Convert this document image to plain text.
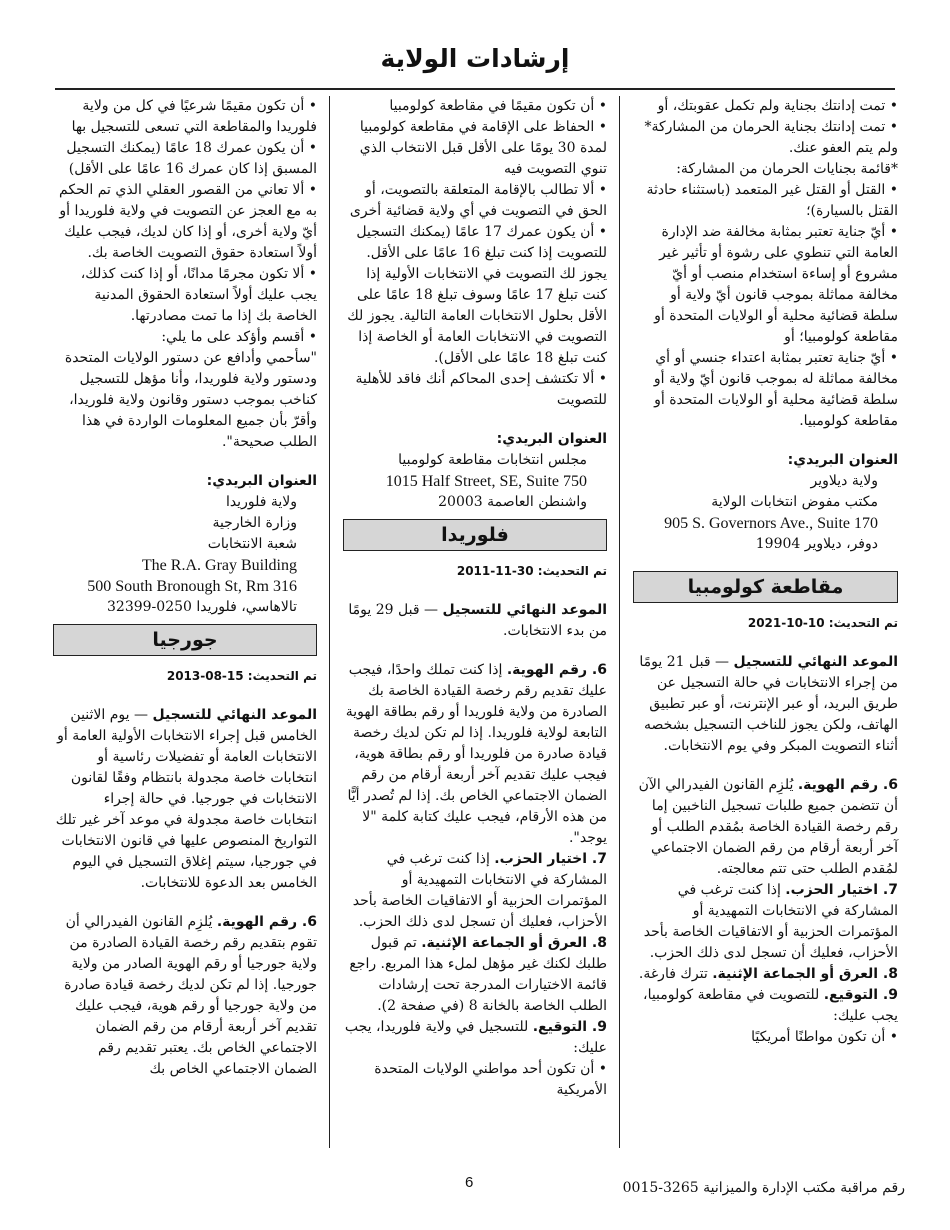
إرشادات الولاية

• تمت إدانتك بجناية ولم تكمل عقوبتك، أو

• تمت إدانتك بجناية الحرمان من المشاركة* ولم يتم العفو عنك.

*قائمة بجنايات الحرمان من المشاركة:

• القتل أو القتل غير المتعمد (باستثناء حادثة القتل بالسيارة)؛

• أيّ جناية تعتبر بمثابة مخالفة ضد الإدارة العامة التي تنطوي على رشوة أو تأثير غير مشروع أو إساءة استخدام منصب أو أيّ مخالفة مماثلة بموجب قانون أيّ ولاية أو سلطة قضائية محلية أو الولايات المتحدة أو مقاطعة كولومبيا؛ أو

• أيّ جناية تعتبر بمثابة اعتداء جنسي أو أي مخالفة مماثلة له بموجب قانون أيّ ولاية أو سلطة قضائية محلية أو الولايات المتحدة أو مقاطعة كولومبيا.

العنوان البريدي:

ولاية ديلاوير

مكتب مفوض انتخابات الولاية

905 S. Governors Ave., Suite 170

دوفر، ديلاوير 19904

مقاطعة كولومبيا

تم التحديث: 2021-10-10

الموعد النهائي للتسجيل — قبل 21 يومًا من إجراء الانتخابات في حالة التسجيل عن طريق البريد، أو عبر الإنترنت، أو عبر تطبيق الهاتف، ولكن يجوز للناخب التسجيل بشخصه أثناء التصويت المبكر وفي يوم الانتخابات.

6. رقم الهوية. يُلزِم القانون الفيدرالي الآن أن تتضمن جميع طلبات تسجيل الناخبين إما رقم رخصة القيادة الخاصة بمُقدم الطلب أو آخر أربعة أرقام من رقم الضمان الاجتماعي لمُقدم الطلب حتى تتم معالجته.

7. اختيار الحزب. إذا كنت ترغب في المشاركة في الانتخابات التمهيدية أو المؤتمرات الحزبية أو الاتفاقيات الخاصة بأحد الأحزاب، فعليك أن تسجل لدى ذلك الحزب.

8. العرق أو الجماعة الإثنية. تترك فارغة.

9. التوقيع. للتصويت في مقاطعة كولومبيا، يجب عليك:

• أن تكون مواطنًا أمريكيًا

• أن تكون مقيمًا في مقاطعة كولومبيا

• الحفاظ على الإقامة في مقاطعة كولومبيا لمدة 30 يومًا على الأقل قبل الانتخاب الذي تنوي التصويت فيه

• ألا تطالب بالإقامة المتعلقة بالتصويت، أو الحق في التصويت في أي ولاية قضائية أخرى

• أن يكون عمرك 17 عامًا (يمكنك التسجيل للتصويت إذا كنت تبلغ 16 عامًا على الأقل. يجوز لك التصويت في الانتخابات الأولية إذا كنت تبلغ 17 عامًا وسوف تبلغ 18 عامًا على الأقل بحلول الانتخابات العامة التالية. يجوز لك التصويت في الانتخابات العامة أو الخاصة إذا كنت تبلغ 18 عامًا على الأقل).

• ألا تكتشف إحدى المحاكم أنك فاقد للأهلية للتصويت

العنوان البريدي:

مجلس انتخابات مقاطعة كولومبيا

1015 Half Street, SE, Suite 750

واشنطن العاصمة 20003

فلوريدا

تم التحديث: 2011-11-30

الموعد النهائي للتسجيل — قبل 29 يومًا من بدء الانتخابات.

6. رقم الهوية. إذا كنت تملك واحدًا، فيجب عليك تقديم رقم رخصة القيادة الخاصة بك الصادرة من ولاية فلوريدا أو رقم بطاقة الهوية التابعة لولاية فلوريدا. إذا لم تكن لديك رخصة قيادة صادرة من فلوريدا أو رقم بطاقة هوية، فيجب عليك تقديم آخر أربعة أرقام من رقم الضمان الاجتماعي الخاص بك. إذا لم تُصدر أيًّا من هذه الأرقام، فيجب عليك كتابة كلمة "لا يوجد".

7. اختيار الحزب. إذا كنت ترغب في المشاركة في الانتخابات التمهيدية أو المؤتمرات الحزبية أو الاتفاقيات الخاصة بأحد الأحزاب، فعليك أن تسجل لدى ذلك الحزب.

8. العرق أو الجماعة الإثنية. تم قبول طلبك لكنك غير مؤهل لملء هذا المربع. راجع قائمة الاختيارات المدرجة تحت إرشادات الطلب الخاصة بالخانة 8 (في صفحة 2).

9. التوقيع. للتسجيل في ولاية فلوريدا، يجب عليك:

• أن تكون أحد مواطني الولايات المتحدة الأمريكية

• أن تكون مقيمًا شرعيًا في كل من ولاية فلوريدا والمقاطعة التي تسعى للتسجيل بها

• أن يكون عمرك 18 عامًا (يمكنك التسجيل المسبق إذا كان عمرك 16 عامًا على الأقل)

• ألا تعاني من القصور العقلي الذي تم الحكم به مع العجز عن التصويت في ولاية فلوريدا أو أيّ ولاية أخرى، أو إذا كان لديك، فيجب عليك أولاً استعادة حقوق التصويت الخاصة بك.

• ألا تكون مجرمًا مدانًا، أو إذا كنت كذلك، يجب عليك أولاً استعادة الحقوق المدنية الخاصة بك إذا ما تمت مصادرتها.

• أقسم وأؤكد على ما يلي:

"سأحمي وأدافع عن دستور الولايات المتحدة ودستور ولاية فلوريدا، وأنا مؤهل للتسجيل كناخب بموجب دستور وقانون ولاية فلوريدا، وأقرّ بأن جميع المعلومات الواردة في هذا الطلب صحيحة".

العنوان البريدي:

ولاية فلوريدا

وزارة الخارجية

شعبة الانتخابات

The R.A. Gray Building
500 South Bronough St, Rm 316

تالاهاسي، فلوريدا 0250-32399

جورجيا

تم التحديث: 2013-08-15

الموعد النهائي للتسجيل — يوم الاثنين الخامس قبل إجراء الانتخابات الأولية العامة أو الانتخابات العامة أو تفضيلات رئاسية أو انتخابات خاصة مجدولة بانتظام وفقًا لقانون الانتخابات في جورجيا. في حالة إجراء انتخابات خاصة مجدولة في موعد آخر غير تلك التواريخ المنصوص عليها في قانون الانتخابات في جورجيا، سيتم إغلاق التسجيل في اليوم الخامس بعد الدعوة للانتخابات.

6. رقم الهوية. يُلزِم القانون الفيدرالي أن تقوم بتقديم رقم رخصة القيادة الصادرة من ولاية جورجيا أو رقم الهوية الصادر من ولاية جورجيا. إذا لم تكن لديك رخصة قيادة صادرة من ولاية جورجيا أو رقم هوية، فيجب عليك تقديم آخر أربعة أرقام من رقم الضمان الاجتماعي الخاص بك. يعتبر تقديم رقم الضمان الاجتماعي الخاص بك

6	رقم مراقبة مكتب الإدارة والميزانية 3265-0015
